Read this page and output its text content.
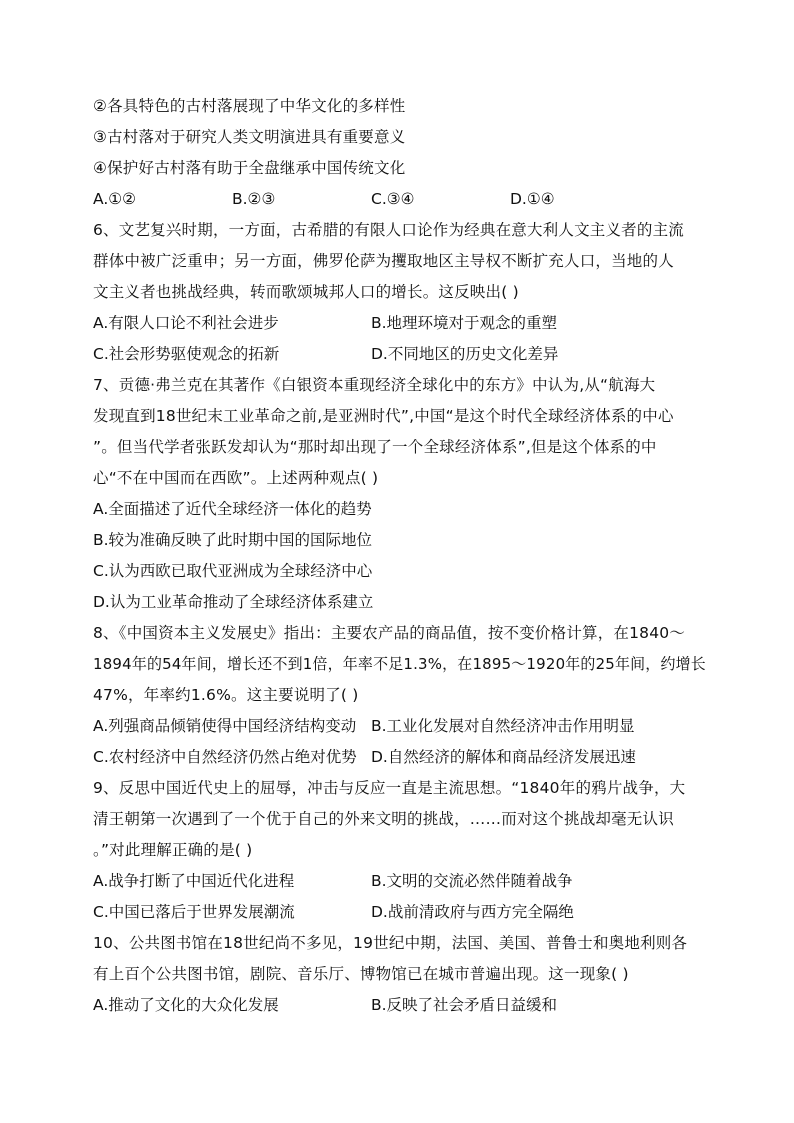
②各具特色的古村落展现了中华文化的多样性
③古村落对于研究人类文明演进具有重要意义
④保护好古村落有助于全盘继承中国传统文化
A.①②	B.②③	C.③④	D.①④
6、文艺复兴时期，一方面，古希腊的有限人口论作为经典在意大利人文主义者的主流
群体中被广泛重申；另一方面，佛罗伦萨为攫取地区主导权不断扩充人口，当地的人
文主义者也挑战经典，转而歌颂城邦人口的增长。这反映出( )
A.有限人口论不利社会进步	B.地理环境对于观念的重塑
C.社会形势驱使观念的拓新	D.不同地区的历史文化差异
7、贡德·弗兰克在其著作《白银资本重现经济全球化中的东方》中认为,从“航海大
发现直到18世纪末工业革命之前,是亚洲时代”,中国“是这个时代全球经济体系的中心
”。但当代学者张跃发却认为“那时却出现了一个全球经济体系”,但是这个体系的中
心“不在中国而在西欧”。上述两种观点( )
A.全面描述了近代全球经济一体化的趋势
B.较为准确反映了此时期中国的国际地位
C.认为西欧已取代亚洲成为全球经济中心
D.认为工业革命推动了全球经济体系建立
8、《中国资本主义发展史》指出：主要农产品的商品值，按不变价格计算，在1840～
1894年的54年间，增长还不到1倍，年率不足1.3%，在1895～1920年的25年间，约增长
47%，年率约1.6%。这主要说明了( )
A.列强商品倾销使得中国经济结构变动 B.工业化发展对自然经济冲击作用明显
C.农村经济中自然经济仍然占绝对优势 D.自然经济的解体和商品经济发展迅速
9、反思中国近代史上的屈辱，冲击与反应一直是主流思想。“1840年的鸦片战争，大
清王朝第一次遇到了一个优于自己的外来文明的挑战，……而对这个挑战却毫无认识
。”对此理解正确的是( )
A.战争打断了中国近代化进程	B.文明的交流必然伴随着战争
C.中国已落后于世界发展潮流	D.战前清政府与西方完全隔绝
10、公共图书馆在18世纪尚不多见，19世纪中期，法国、美国、普鲁士和奥地利则各
有上百个公共图书馆，剧院、音乐厅、博物馆已在城市普遍出现。这一现象( )
A.推动了文化的大众化发展	B.反映了社会矛盾日益缓和
